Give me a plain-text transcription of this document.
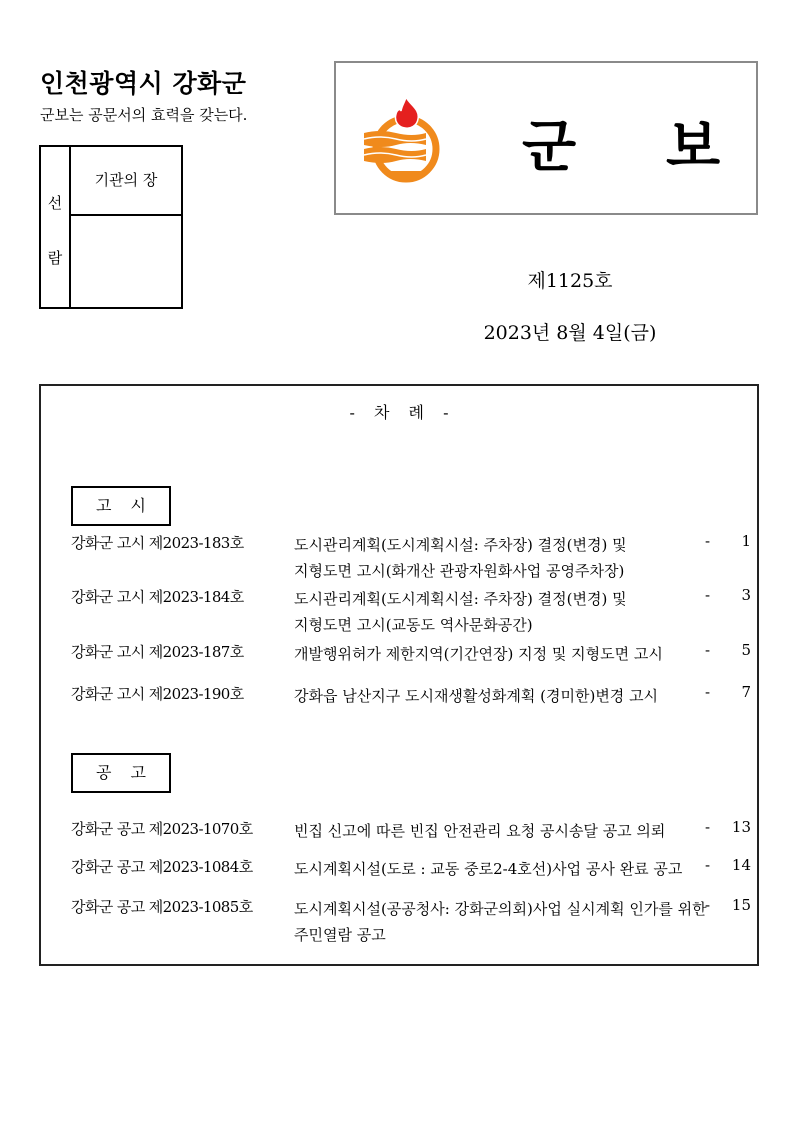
인천광역시 강화군
군보는 공문서의 효력을 갖는다.
선
람
기관의 장	군 보
제1125호
2023년 8월 4일(금)
- 차 례 -
고 시
강화군 고시 제2023-183호	도시관리계획(도시계획시설: 주차장) 결정(변경) 및
지형도면 고시(화개산 관광자원화사업 공영주차장)
- 1
강화군 고시 제2023-184호	도시관리계획(도시계획시설: 주차장) 결정(변경) 및
지형도면 고시(교동도 역사문화공간)
- 3
강화군 고시 제2023-187호	개발행위허가 제한지역(기간연장) 지정 및 지형도면 고시	- 5
강화군 고시 제2023-190호	강화읍 남산지구 도시재생활성화계획 (경미한)변경 고시	- 7
공 고
강화군 공고 제2023-1070호	빈집 신고에 따른 빈집 안전관리 요청 공시송달 공고 의뢰	- 13
강화군 공고 제2023-1084호	도시계획시설(도로 : 교동 중로2-4호선)사업 공사 완료 공고	- 14
강화군 공고 제2023-1085호	도시계획시설(공공청사: 강화군의회)사업 실시계획 인가를 위한
주민열람 공고
- 15
